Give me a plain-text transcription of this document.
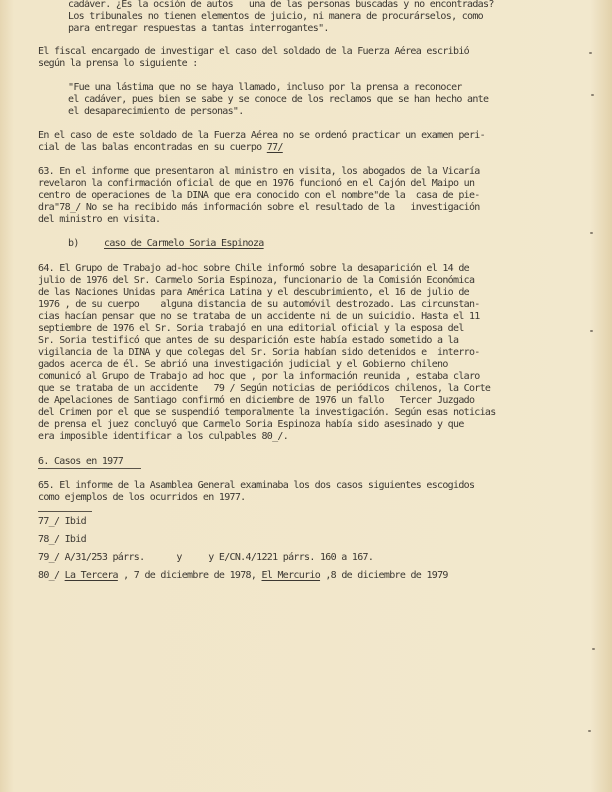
cadáver. ¿Es la ocsión de autos   una de las personas buscadas y no encontradas?
Los tribunales no tienen elementos de juicio, ni manera de procurárselos, como
para entregar respuestas a tantas interrogantes".
El fiscal encargado de investigar el caso del soldado de la Fuerza Aérea escribió
según la prensa lo siguiente :
"Fue una lástima que no se haya llamado, incluso por la prensa a reconocer
el cadáver, pues bien se sabe y se conoce de los reclamos que se han hecho ante
el desaparecimiento de personas".
En el caso de este soldado de la Fuerza Aérea no se ordenó practicar un examen peri-
cial de las balas encontradas en su cuerpo 77/
63. En el informe que presentaron al ministro en visita, los abogados de la Vicaría
revelaron la confirmación oficial de que en 1976 funcionó en el Cajón del Maipo un
centro de operaciones de la DINA que era conocido con el nombre"de la  casa de pie-
dra"78_/ No se ha recibido más información sobre el resultado de la   investigación
del ministro en visita.
b)	caso de Carmelo Soria Espinoza
64. El Grupo de Trabajo ad-hoc sobre Chile informó sobre la desaparición el 14 de
julio de 1976 del Sr. Carmelo Soria Espinoza, funcionario de la Comisión Económica
de las Naciones Unidas para América Latina y el descubrimiento, el 16 de julio de
1976 , de su cuerpo    alguna distancia de su automóvil destrozado. Las circunstan-
cias hacían pensar que no se trataba de un accidente ni de un suicidio. Hasta el 11
septiembre de 1976 el Sr. Soria trabajó en una editorial oficial y la esposa del
Sr. Soria testificó que antes de su desparición este había estado sometido a la
vigilancia de la DINA y que colegas del Sr. Soria habían sido detenidos e  interro-
gados acerca de él. Se abrió una investigación judicial y el Gobierno chileno
comunicó al Grupo de Trabajo ad hoc que , por la información reunida , estaba claro
que se trataba de un accidente   79 / Según noticias de periódicos chilenos, la Corte
de Apelaciones de Santiago confirmó en diciembre de 1976 un fallo   Tercer Juzgado
del Crimen por el que se suspendió temporalmente la investigación. Según esas noticias
de prensa el juez concluyó que Carmelo Soria Espinoza había sido asesinado y que
era imposible identificar a los culpables 80_/.
6. Casos en 1977
65. El informe de la Asamblea General examinaba los dos casos siguientes escogidos
como ejemplos de los ocurridos en 1977.
77_/ Ibid
78_/ Ibid
79_/ A/31/253 párrs.      y     y E/CN.4/1221 párrs. 160 a 167.
80_/ La Tercera , 7 de diciembre de 1978, El Mercurio ,8 de diciembre de 1979
